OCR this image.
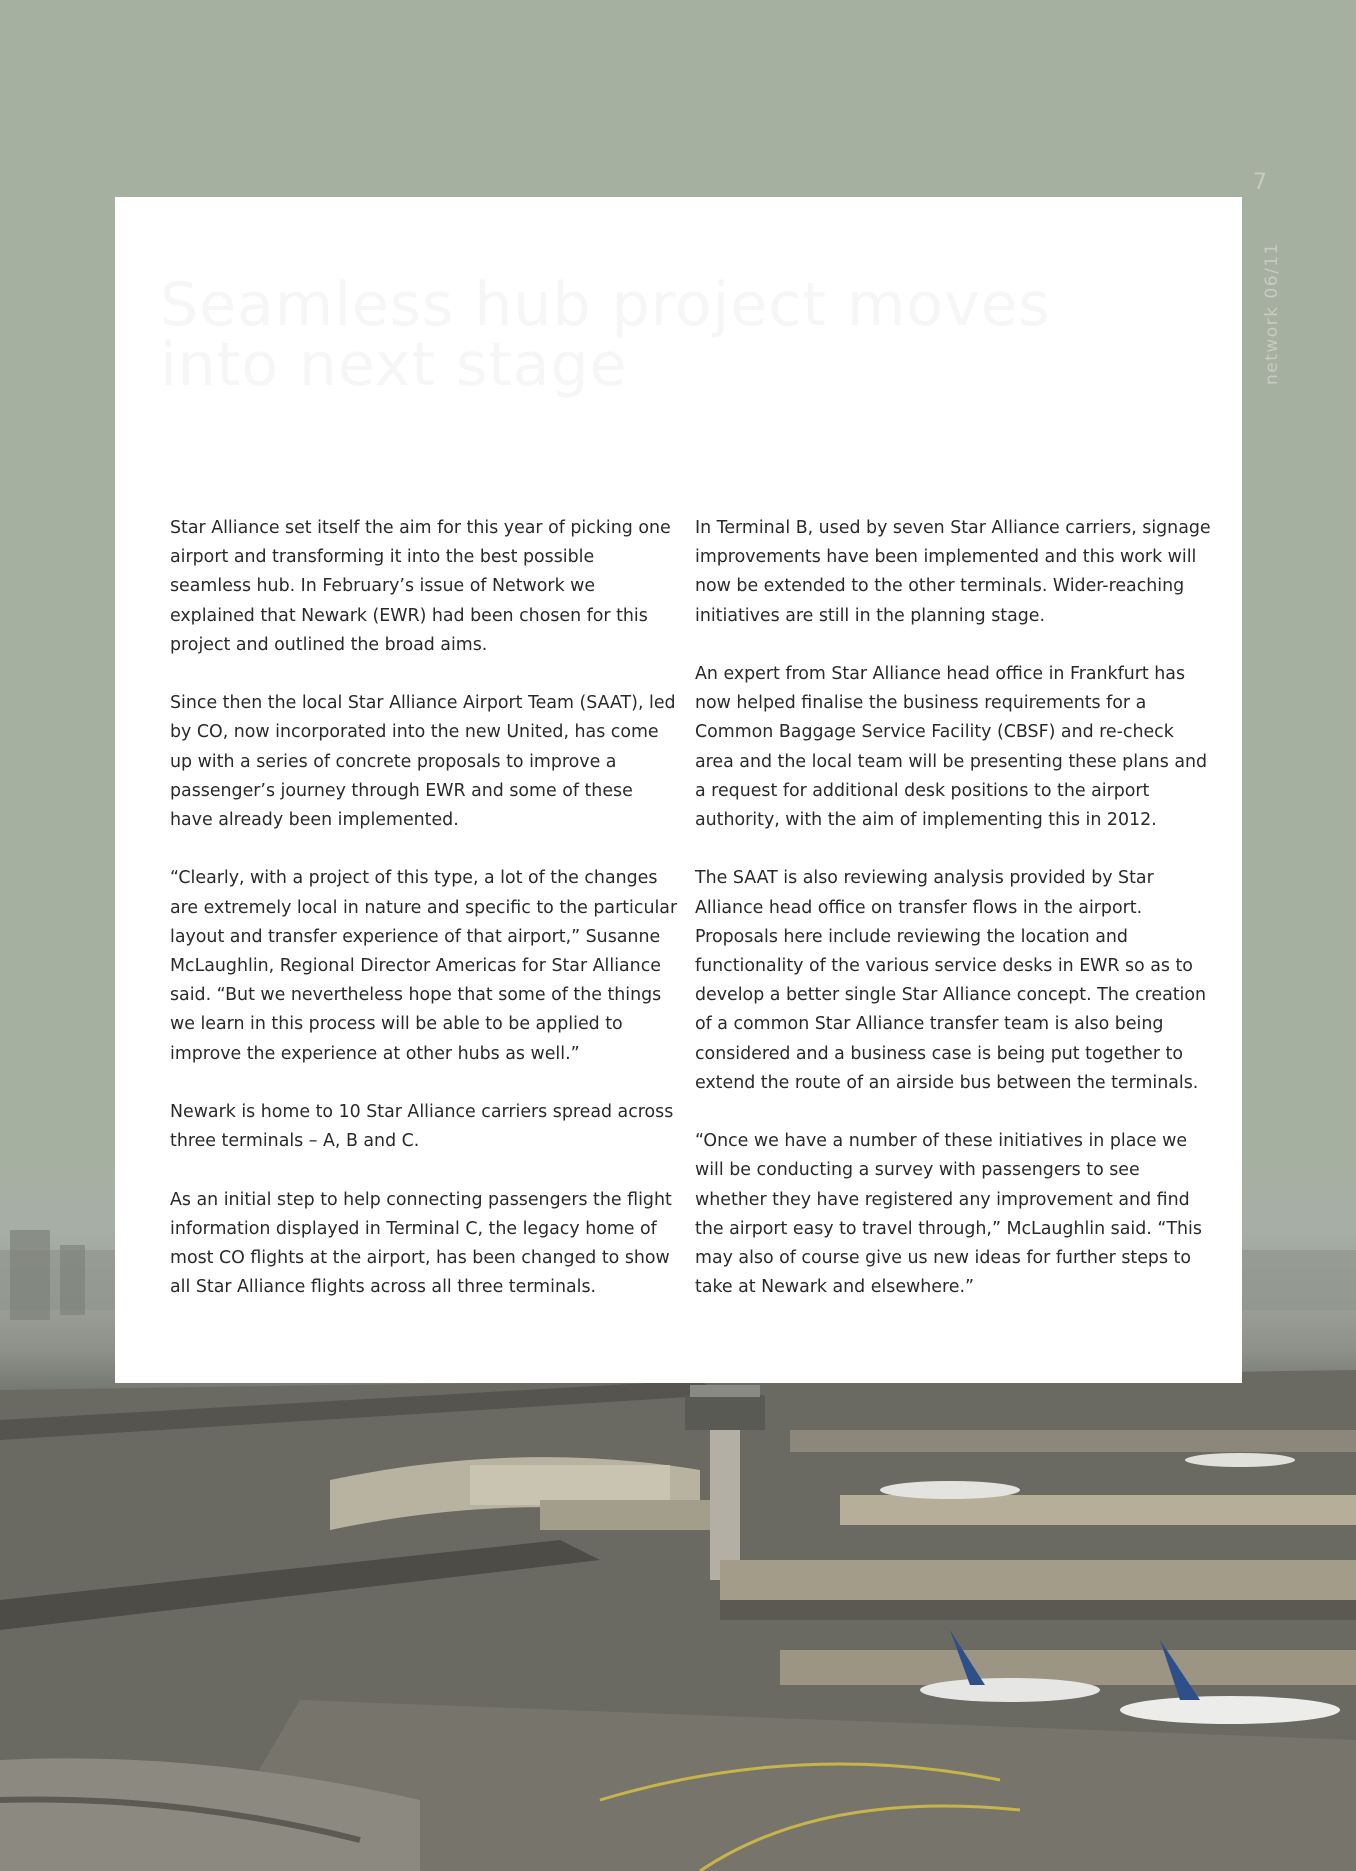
7
network 06/11
Seamless hub project moves into next stage

Star Alliance set itself the aim for this year of picking one airport and transforming it into the best possible seamless hub. In February’s issue of Network we explained that Newark (EWR) had been chosen for this project and outlined the broad aims.

Since then the local Star Alliance Airport Team (SAAT), led by CO, now incorporated into the new United, has come up with a series of concrete proposals to improve a passenger’s journey through EWR and some of these have already been implemented.

“Clearly, with a project of this type, a lot of the changes are extremely local in nature and specific to the particular layout and transfer experience of that airport,” Susanne McLaughlin, Regional Director Americas for Star Alliance said. “But we nevertheless hope that some of the things we learn in this process will be able to be applied to improve the experience at other hubs as well.”

Newark is home to 10 Star Alliance carriers spread across three terminals – A, B and C.

As an initial step to help connecting passengers the flight information displayed in Terminal C, the legacy home of most CO flights at the airport, has been changed to show all Star Alliance flights across all three terminals.

In Terminal B, used by seven Star Alliance carriers, signage improvements have been implemented and this work will now be extended to the other terminals. Wider-reaching initiatives are still in the planning stage.

An expert from Star Alliance head office in Frankfurt has now helped finalise the business requirements for a Common Baggage Service Facility (CBSF) and re-check area and the local team will be presenting these plans and a request for additional desk positions to the airport authority, with the aim of implementing this in 2012.

The SAAT is also reviewing analysis provided by Star Alliance head office on transfer flows in the airport. Proposals here include reviewing the location and functionality of the various service desks in EWR so as to develop a better single Star Alliance concept. The creation of a common Star Alliance transfer team is also being considered and a business case is being put together to extend the route of an airside bus between the terminals.

“Once we have a number of these initiatives in place we will be conducting a survey with passengers to see whether they have registered any improvement and find the airport easy to travel through,” McLaughlin said. “This may also of course give us new ideas for further steps to take at Newark and elsewhere.”
